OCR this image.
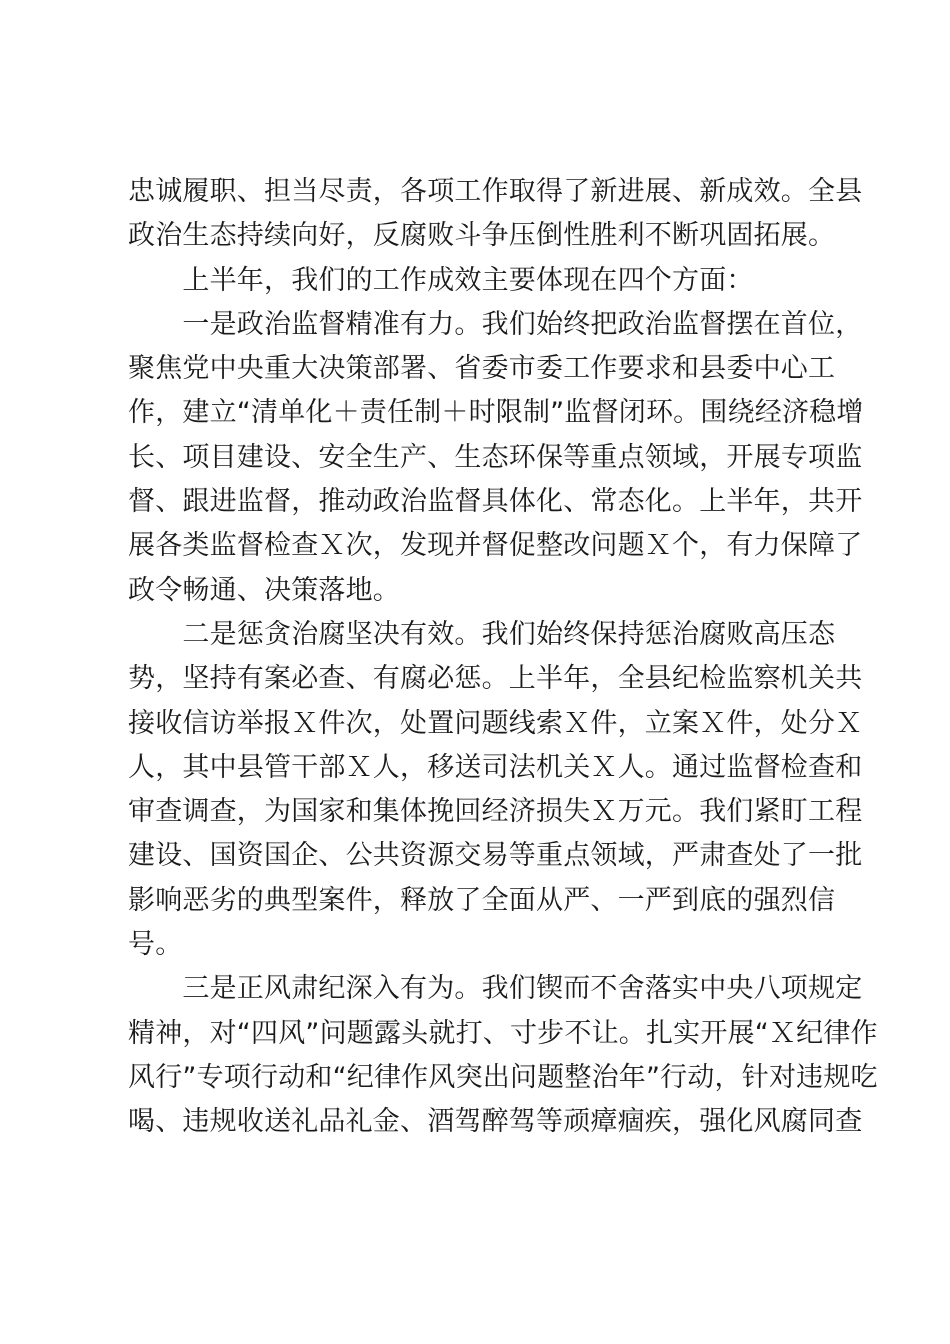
忠诚履职、担当尽责，各项工作取得了新进展、新成效。全县
政治生态持续向好，反腐败斗争压倒性胜利不断巩固拓展。
　　上半年，我们的工作成效主要体现在四个方面：
　　一是政治监督精准有力。我们始终把政治监督摆在首位，
聚焦党中央重大决策部署、省委市委工作要求和县委中心工
作，建立“清单化＋责任制＋时限制”监督闭环。围绕经济稳增
长、项目建设、安全生产、生态环保等重点领域，开展专项监
督、跟进监督，推动政治监督具体化、常态化。上半年，共开
展各类监督检查Ｘ次，发现并督促整改问题Ｘ个，有力保障了
政令畅通、决策落地。
　　二是惩贪治腐坚决有效。我们始终保持惩治腐败高压态
势，坚持有案必查、有腐必惩。上半年，全县纪检监察机关共
接收信访举报Ｘ件次，处置问题线索Ｘ件，立案Ｘ件，处分Ｘ
人，其中县管干部Ｘ人，移送司法机关Ｘ人。通过监督检查和
审查调查，为国家和集体挽回经济损失Ｘ万元。我们紧盯工程
建设、国资国企、公共资源交易等重点领域，严肃查处了一批
影响恶劣的典型案件，释放了全面从严、一严到底的强烈信
号。
　　三是正风肃纪深入有为。我们锲而不舍落实中央八项规定
精神，对“四风”问题露头就打、寸步不让。扎实开展“Ｘ纪律作
风行”专项行动和“纪律作风突出问题整治年”行动，针对违规吃
喝、违规收送礼品礼金、酒驾醉驾等顽瘴痼疾，强化风腐同查
